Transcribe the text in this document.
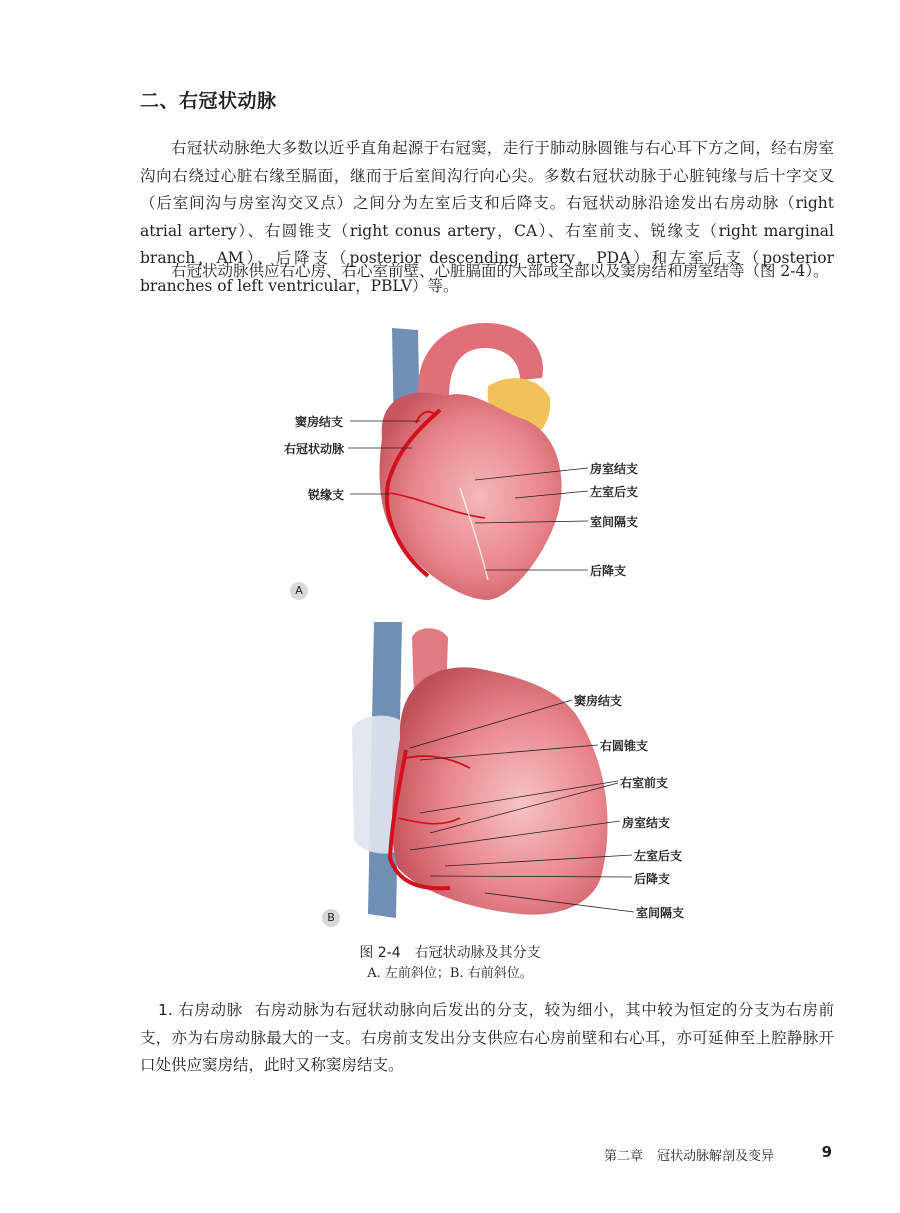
二、右冠状动脉

右冠状动脉绝大多数以近乎直角起源于右冠窦，走行于肺动脉圆锥与右心耳下方之间，经右房室沟向右绕过心脏右缘至膈面，继而于后室间沟行向心尖。多数右冠状动脉于心脏钝缘与后十字交叉（后室间沟与房室沟交叉点）之间分为左室后支和后降支。右冠状动脉沿途发出右房动脉（right atrial artery）、右圆锥支（right conus artery，CA）、右室前支、锐缘支（right marginal branch，AM）、后降支（posterior descending artery，PDA）和左室后支（posterior branches of left ventricular，PBLV）等。

右冠状动脉供应右心房、右心室前壁、心脏膈面的大部或全部以及窦房结和房室结等（图 2-4）。

窦房结支
右冠状动脉
锐缘支
房室结支
左室后支
室间隔支
后降支
A
窦房结支
右圆锥支
右室前支
房室结支
左室后支
后降支
室间隔支
B
图 2-4 右冠状动脉及其分支
A. 左前斜位；B. 右前斜位。

1. 右房动脉 右房动脉为右冠状动脉向后发出的分支，较为细小，其中较为恒定的分支为右房前支，亦为右房动脉最大的一支。右房前支发出分支供应右心房前壁和右心耳，亦可延伸至上腔静脉开口处供应窦房结，此时又称窦房结支。

第二章 冠状动脉解剖及变异	9
